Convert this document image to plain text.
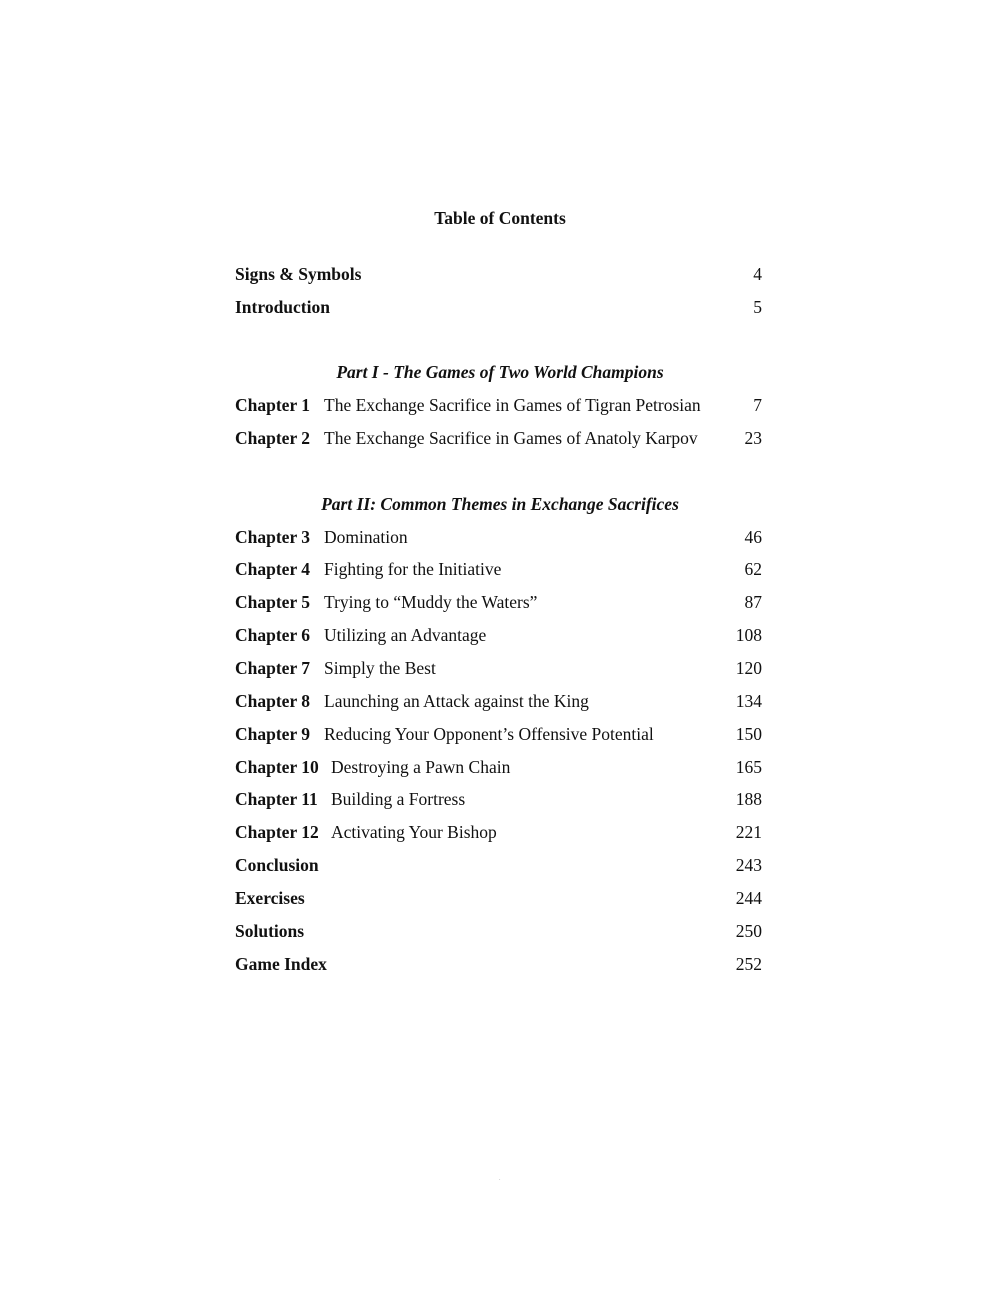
Table of Contents
Signs & Symbols	4
Introduction	5
Part I - The Games of Two World Champions
Chapter 1 The Exchange Sacrifice in Games of Tigran Petrosian	7
Chapter 2 The Exchange Sacrifice in Games of Anatoly Karpov	23
Part II: Common Themes in Exchange Sacrifices
Chapter 3 Domination	46
Chapter 4 Fighting for the Initiative	62
Chapter 5 Trying to “Muddy the Waters”	87
Chapter 6 Utilizing an Advantage	108
Chapter 7 Simply the Best	120
Chapter 8 Launching an Attack against the King	134
Chapter 9 Reducing Your Opponent’s Offensive Potential	150
Chapter 10 Destroying a Pawn Chain	165
Chapter 11 Building a Fortress	188
Chapter 12 Activating Your Bishop	221
Conclusion	243
Exercises	244
Solutions	250
Game Index	252
.
